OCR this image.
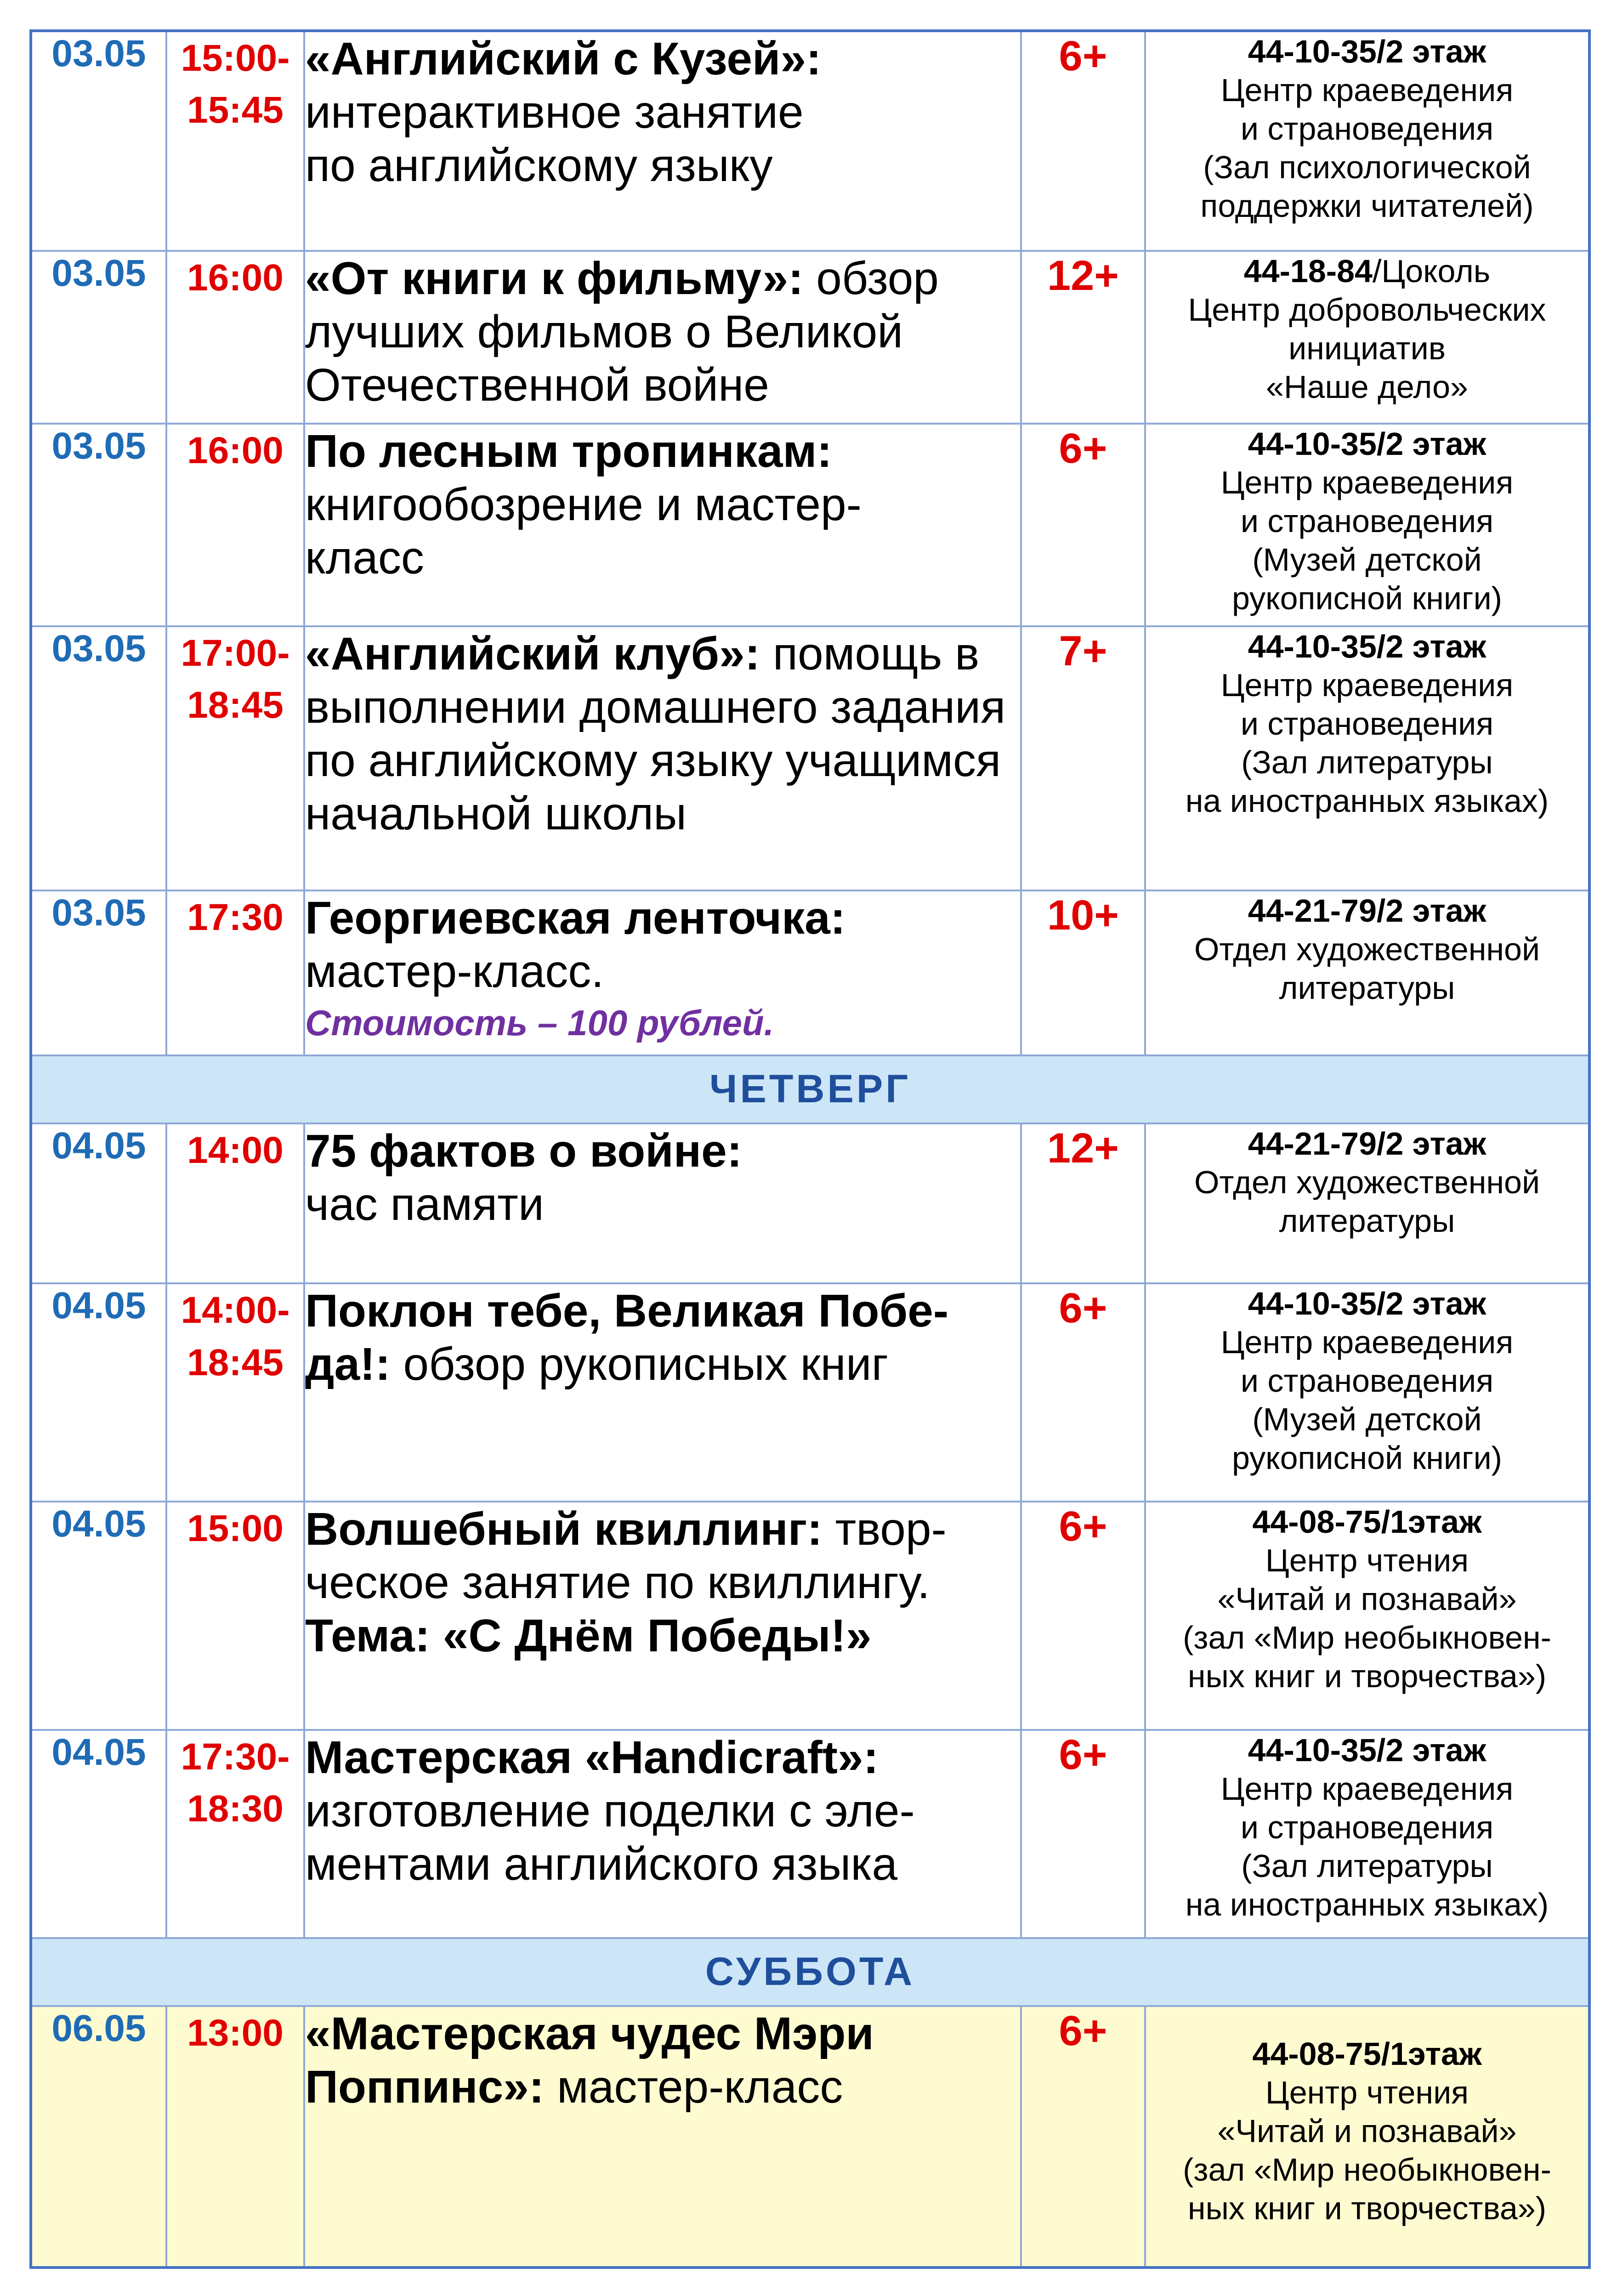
03.05	15:00-
15:45	«Английский с Кузей»:
интерактивное занятие
по английскому языку	6+	44-10-35/2 этаж
Центр краеведения
и страноведения
(Зал психологической
поддержки читателей)

03.05	16:00	«От книги к фильму»: обзор лучших фильмов о Великой Отечественной войне	12+	44-18-84/Цоколь
Центр добровольческих
инициатив
«Наше дело»

03.05	16:00	По лесным тропинкам:
книгообозрение и мастер-
класс	6+	44-10-35/2 этаж
Центр краеведения
и страноведения
(Музей детской
рукописной книги)

03.05	17:00-
18:45	«Английский клуб»: помощь в выполнении домашнего задания по английскому языку учащимся начальной школы	7+	44-10-35/2 этаж
Центр краеведения
и страноведения
(Зал литературы
на иностранных языках)

03.05	17:30	Георгиевская ленточка:
мастер-класс.
Стоимость – 100 рублей.	10+	44-21-79/2 этаж
Отдел художественной
литературы

ЧЕТВЕРГ				
04.05	14:00	75 фактов о войне:
час памяти	12+	44-21-79/2 этаж
Отдел художественной
литературы

04.05	14:00-
18:45	Поклон тебе, Великая Побе-
да!: обзор рукописных книг	6+	44-10-35/2 этаж
Центр краеведения
и страноведения
(Музей детской
рукописной книги)

04.05	15:00	Волшебный квиллинг: твор-
ческое занятие по квиллингу.
Тема: «С Днём Победы!»	6+	44-08-75/1этаж
Центр чтения
«Читай и познавай»
(зал «Мир необыкновен-
ных книг и творчества»)

04.05	17:30-
18:30	Мастерская «Handicraft»:
изготовление поделки с эле-
ментами английского языка	6+	44-10-35/2 этаж
Центр краеведения
и страноведения
(Зал литературы
на иностранных языках)

СУББОТА				
06.05	13:00	«Мастерская чудес Мэри Поппинс»: мастер-класс	6+	44-08-75/1этаж
Центр чтения
«Читай и познавай»
(зал «Мир необыкновен-
ных книг и творчества»)
